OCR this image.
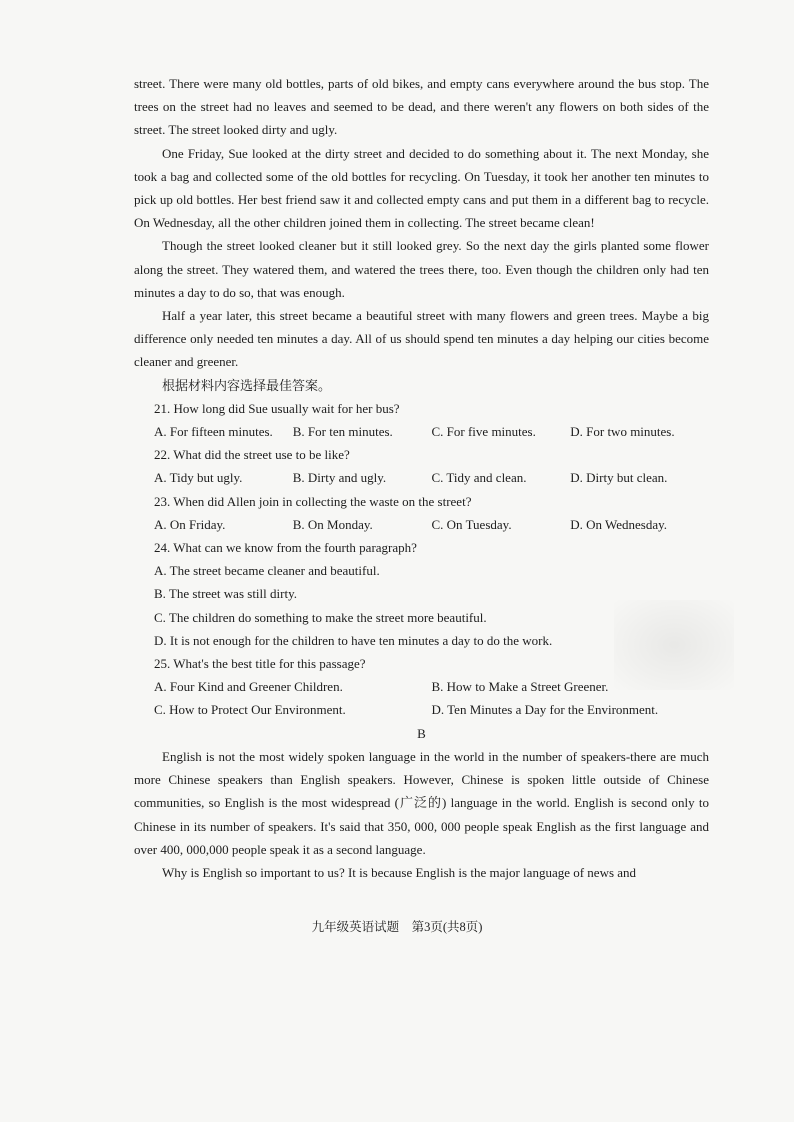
street. There were many old bottles, parts of old bikes, and empty cans everywhere around the bus stop. The trees on the street had no leaves and seemed to be dead, and there weren't any flowers on both sides of the street. The street looked dirty and ugly.

One Friday, Sue looked at the dirty street and decided to do something about it. The next Monday, she took a bag and collected some of the old bottles for recycling. On Tuesday, it took her another ten minutes to pick up old bottles. Her best friend saw it and collected empty cans and put them in a different bag to recycle. On Wednesday, all the other children joined them in collecting. The street became clean!

Though the street looked cleaner but it still looked grey. So the next day the girls planted some flower along the street. They watered them, and watered the trees there, too. Even though the children only had ten minutes a day to do so, that was enough.

Half a year later, this street became a beautiful street with many flowers and green trees. Maybe a big difference only needed ten minutes a day. All of us should spend ten minutes a day helping our cities become cleaner and greener.

根据材料内容选择最佳答案。

21. How long did Sue usually wait for her bus?

A. For fifteen minutes.	B. For ten minutes.	C. For five minutes.	D. For two minutes.

22. What did the street use to be like?

A. Tidy but ugly.	B. Dirty and ugly.	C. Tidy and clean.	D. Dirty but clean.

23. When did Allen join in collecting the waste on the street?

A. On Friday.	B. On Monday.	C. On Tuesday.	D. On Wednesday.

24. What can we know from the fourth paragraph?

A. The street became cleaner and beautiful.
B. The street was still dirty.
C. The children do something to make the street more beautiful.
D. It is not enough for the children to have ten minutes a day to do the work.

25. What's the best title for this passage?

A. Four Kind and Greener Children.	B. How to Make a Street Greener.
C. How to Protect Our Environment.	D. Ten Minutes a Day for the Environment.

B

English is not the most widely spoken language in the world in the number of speakers-there are much more Chinese speakers than English speakers. However, Chinese is spoken little outside of Chinese communities, so English is the most widespread (广泛的) language in the world. English is second only to Chinese in its number of speakers. It's said that 350, 000, 000 people speak English as the first language and over 400, 000,000 people speak it as a second language.

Why is English so important to us? It is because English is the major language of news and

九年级英语试题　第3页(共8页)
